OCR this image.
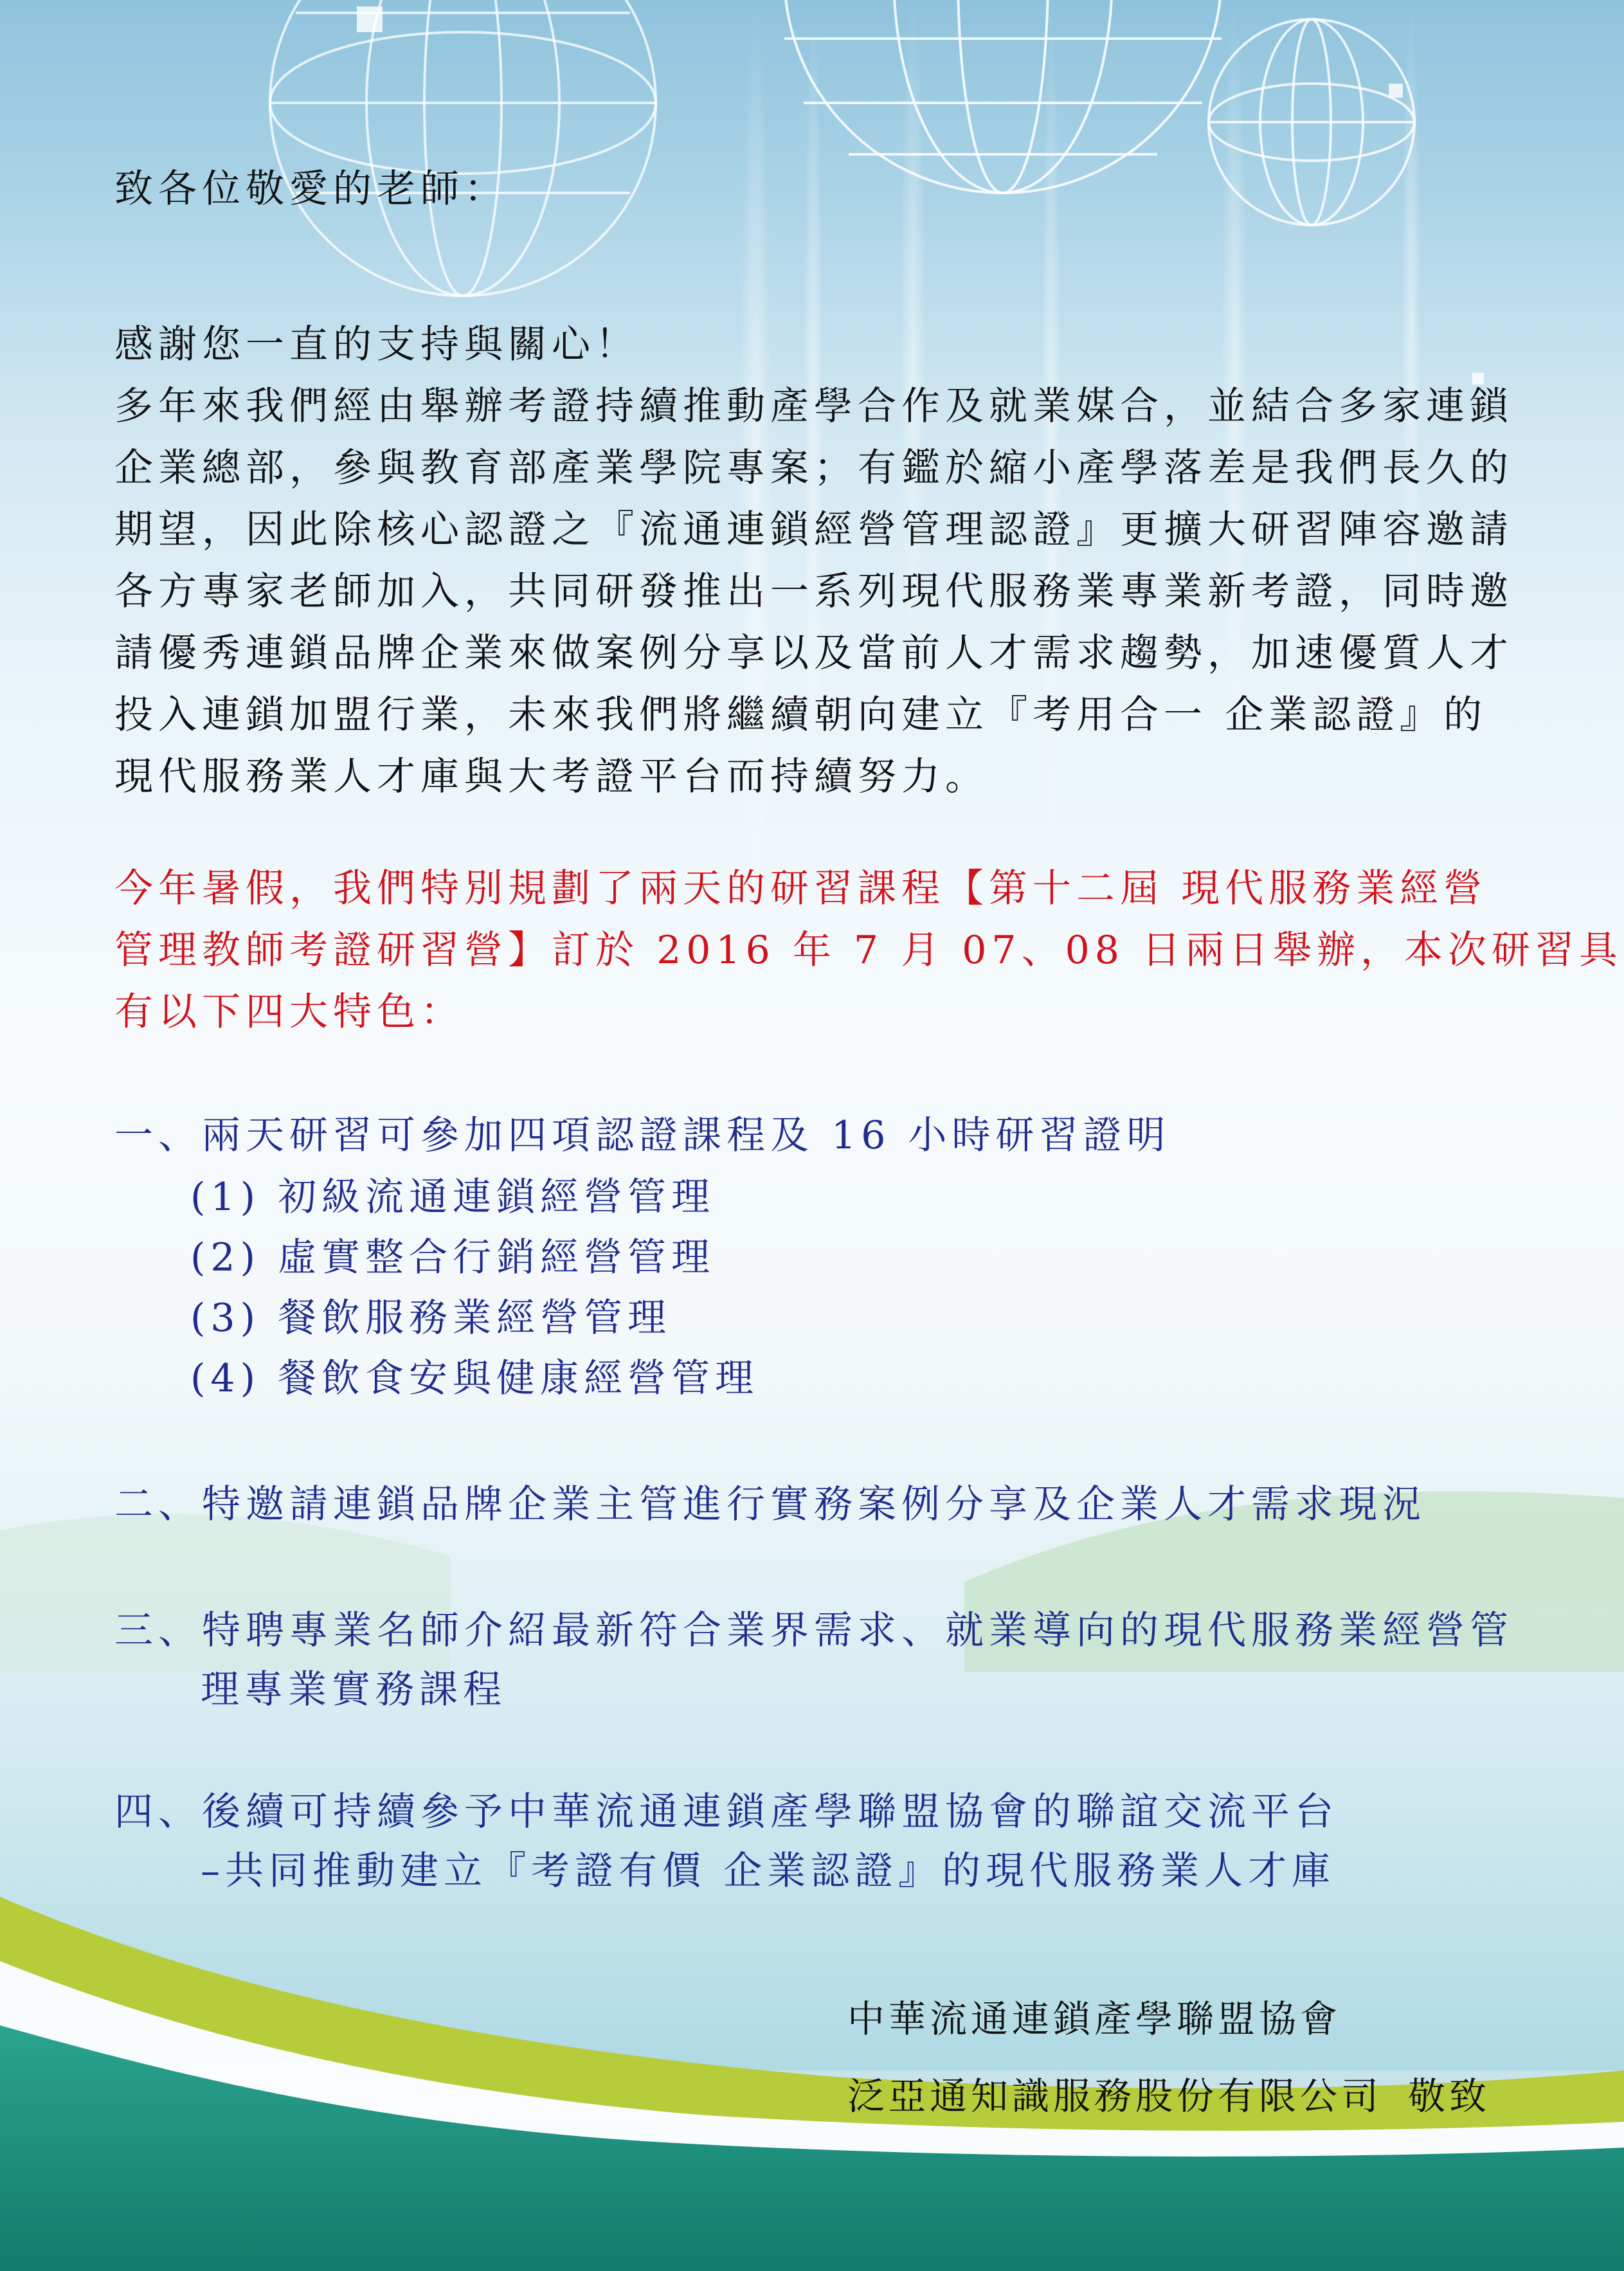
致各位敬愛的老師：

感謝您一直的支持與關心！

多年來我們經由舉辦考證持續推動產學合作及就業媒合，並結合多家連鎖

企業總部，參與教育部產業學院專案；有鑑於縮小產學落差是我們長久的

期望，因此除核心認證之『流通連鎖經營管理認證』更擴大研習陣容邀請

各方專家老師加入，共同研發推出一系列現代服務業專業新考證，同時邀

請優秀連鎖品牌企業來做案例分享以及當前人才需求趨勢，加速優質人才

投入連鎖加盟行業，未來我們將繼續朝向建立『考用合一 企業認證』的

現代服務業人才庫與大考證平台而持續努力。

今年暑假，我們特別規劃了兩天的研習課程【第十二屆 現代服務業經營

管理教師考證研習營】訂於 2016 年 7 月 07、08 日兩日舉辦，本次研習具

有以下四大特色：

一、兩天研習可參加四項認證課程及 16 小時研習證明

(1) 初級流通連鎖經營管理

(2) 虛實整合行銷經營管理

(3) 餐飲服務業經營管理

(4) 餐飲食安與健康經營管理

二、特邀請連鎖品牌企業主管進行實務案例分享及企業人才需求現況

三、特聘專業名師介紹最新符合業界需求、就業導向的現代服務業經營管

理專業實務課程

四、後續可持續參予中華流通連鎖產學聯盟協會的聯誼交流平台

–共同推動建立『考證有價 企業認證』的現代服務業人才庫

中華流通連鎖產學聯盟協會

泛亞通知識服務股份有限公司 敬致
